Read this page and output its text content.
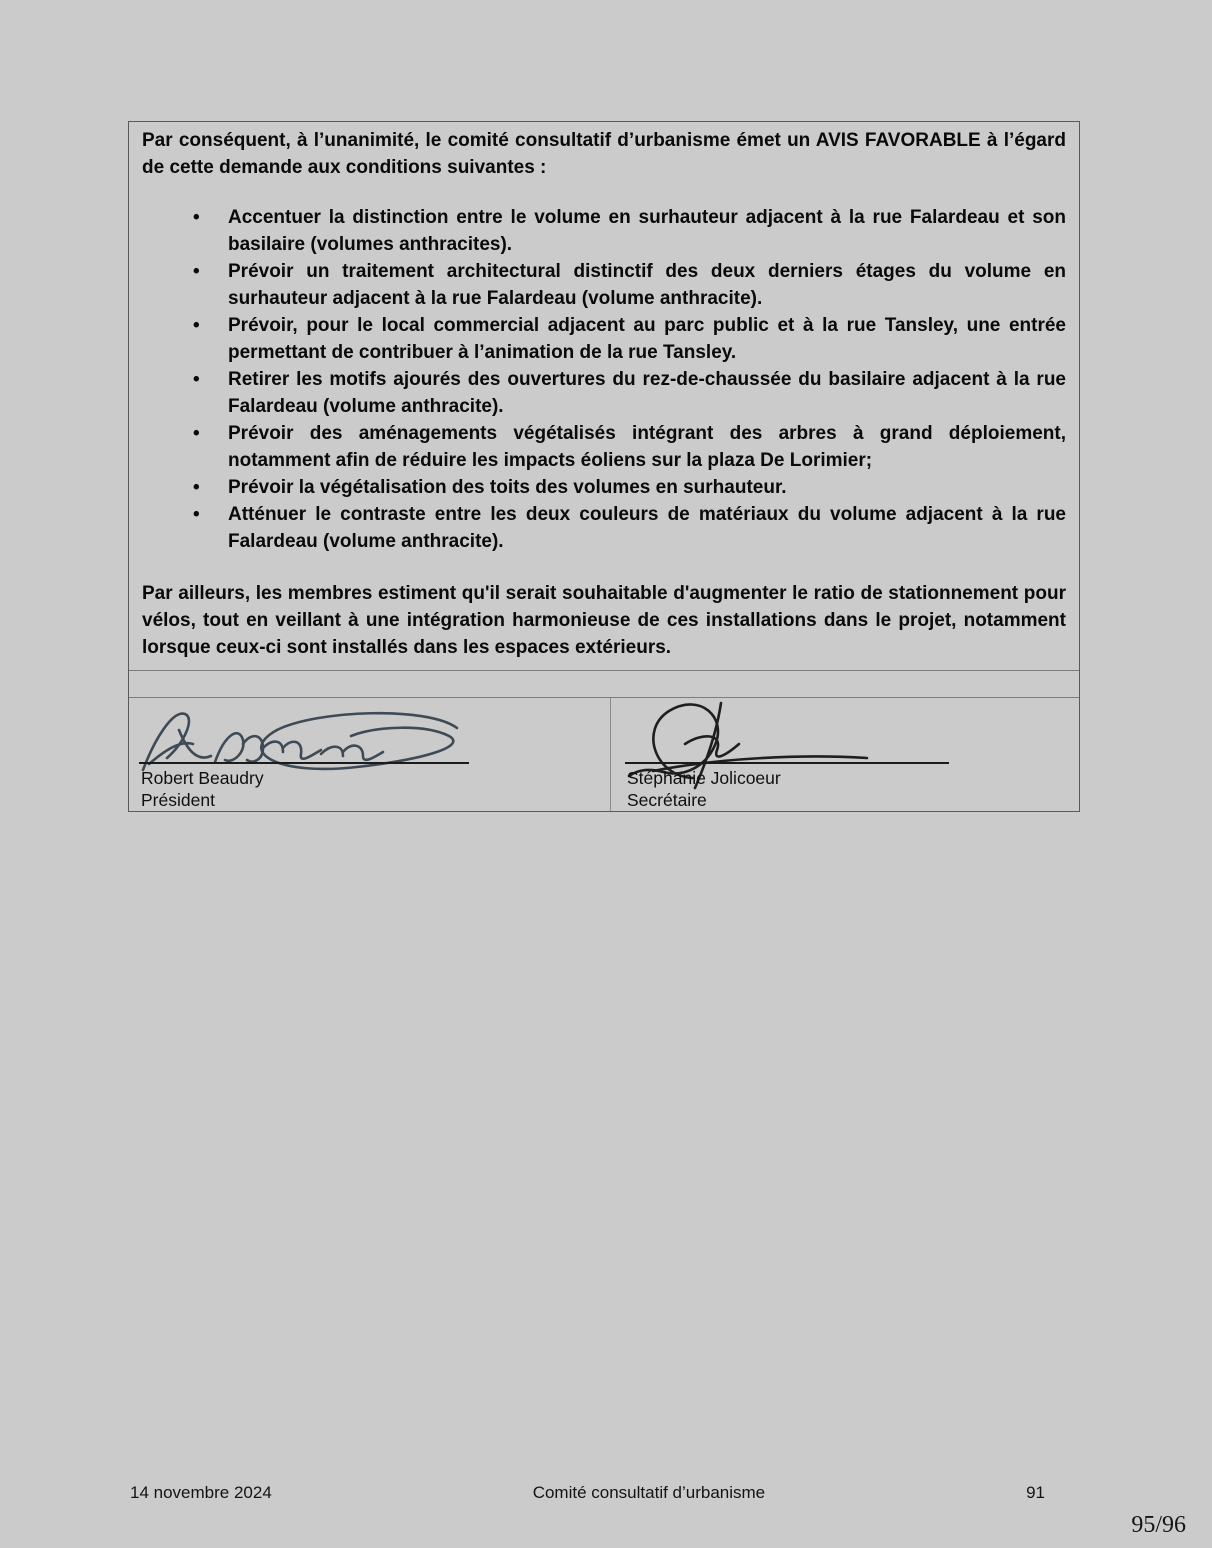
Par conséquent, à l’unanimité, le comité consultatif d’urbanisme émet un AVIS FAVORABLE à l’égard de cette demande aux conditions suivantes :

• Accentuer la distinction entre le volume en surhauteur adjacent à la rue Falardeau et son basilaire (volumes anthracites).
• Prévoir un traitement architectural distinctif des deux derniers étages du volume en surhauteur adjacent à la rue Falardeau (volume anthracite).
• Prévoir, pour le local commercial adjacent au parc public et à la rue Tansley, une entrée permettant de contribuer à l’animation de la rue Tansley.
• Retirer les motifs ajourés des ouvertures du rez-de-chaussée du basilaire adjacent à la rue Falardeau (volume anthracite).
• Prévoir des aménagements végétalisés intégrant des arbres à grand déploiement, notamment afin de réduire les impacts éoliens sur la plaza De Lorimier;
• Prévoir la végétalisation des toits des volumes en surhauteur.
• Atténuer le contraste entre les deux couleurs de matériaux du volume adjacent à la rue Falardeau (volume anthracite).

Par ailleurs, les membres estiment qu'il serait souhaitable d'augmenter le ratio de stationnement pour vélos, tout en veillant à une intégration harmonieuse de ces installations dans le projet, notamment lorsque ceux-ci sont installés dans les espaces extérieurs.

Robert Beaudry
Président
Stéphanie Jolicoeur
Secrétaire
14 novembre 2024	Comité consultatif d’urbanisme	91
95/96
